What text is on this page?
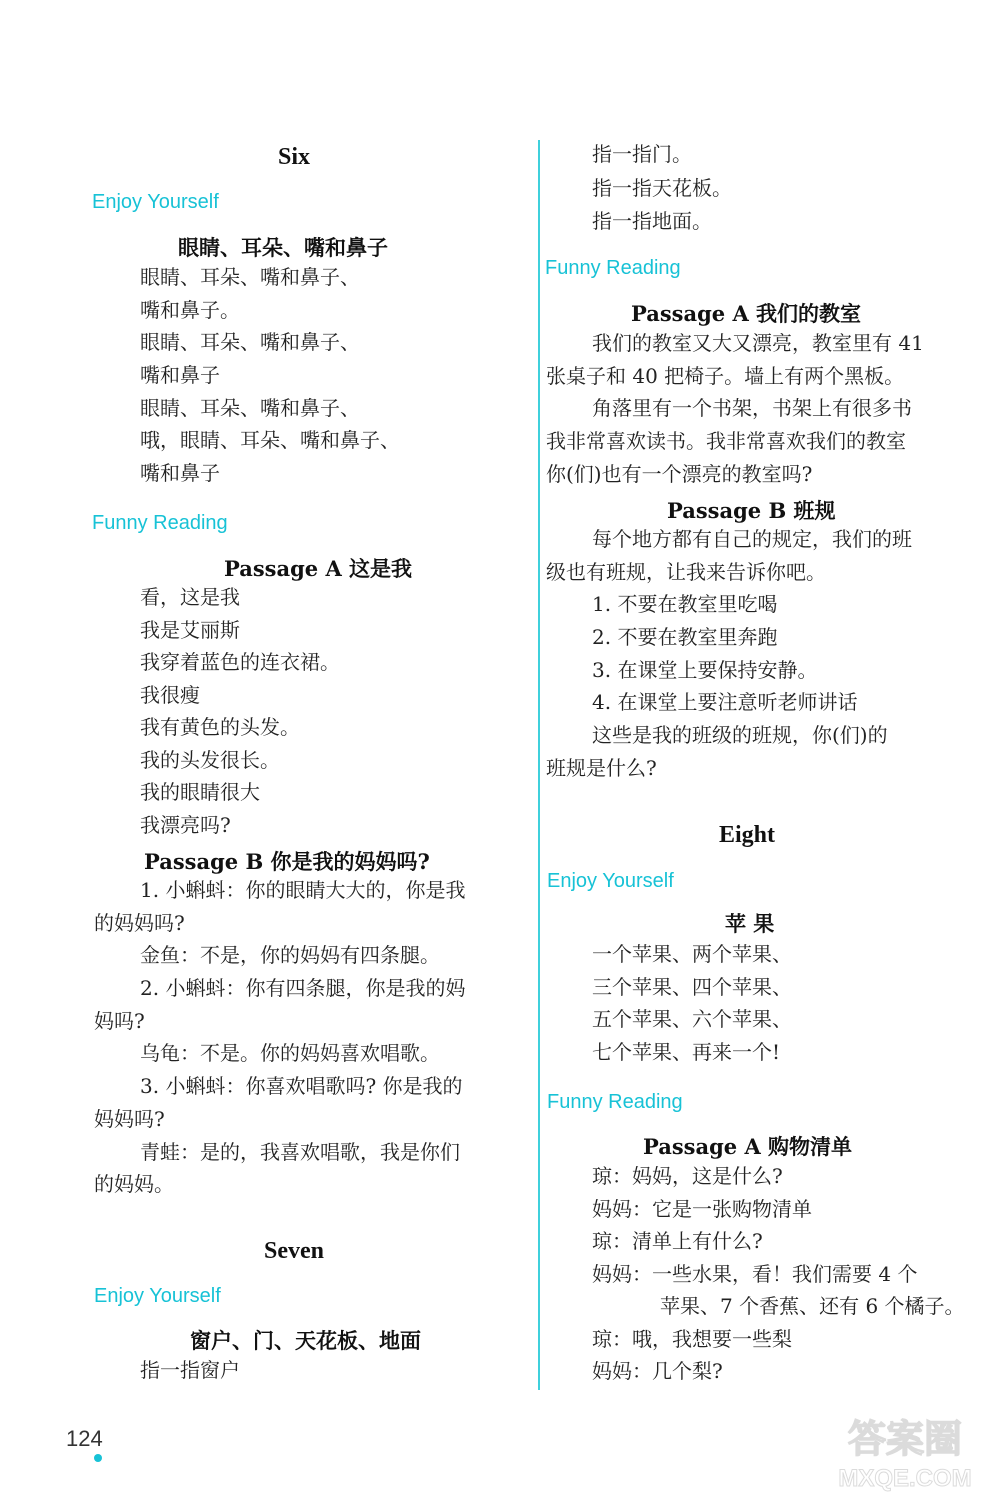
Six
Enjoy Yourself
眼睛、耳朵、嘴和鼻子
眼睛、耳朵、嘴和鼻子、
嘴和鼻子。
眼睛、耳朵、嘴和鼻子、
嘴和鼻子
眼睛、耳朵、嘴和鼻子、
哦，眼睛、耳朵、嘴和鼻子、
嘴和鼻子
Funny Reading
Passage A 这是我
看，这是我
我是艾丽斯
我穿着蓝色的连衣裙。
我很瘦
我有黄色的头发。
我的头发很长。
我的眼睛很大
我漂亮吗?
Passage B 你是我的妈妈吗?
1. 小蝌蚪：你的眼睛大大的，你是我
的妈妈吗?
金鱼：不是，你的妈妈有四条腿。
2. 小蝌蚪：你有四条腿，你是我的妈
妈吗?
乌龟：不是。你的妈妈喜欢唱歌。
3. 小蝌蚪：你喜欢唱歌吗? 你是我的
妈妈吗?
青蛙：是的，我喜欢唱歌，我是你们
的妈妈。
Seven
Enjoy Yourself
窗户、门、天花板、地面
指一指窗户
指一指门。
指一指天花板。
指一指地面。
Funny Reading
Passage A 我们的教室
我们的教室又大又漂亮，教室里有 41
张桌子和 40 把椅子。墙上有两个黑板。
角落里有一个书架，书架上有很多书
我非常喜欢读书。我非常喜欢我们的教室
你(们)也有一个漂亮的教室吗?
Passage B 班规
每个地方都有自己的规定，我们的班
级也有班规，让我来告诉你吧。
1. 不要在教室里吃喝
2. 不要在教室里奔跑
3. 在课堂上要保持安静。
4. 在课堂上要注意听老师讲话
这些是我的班级的班规，你(们)的
班规是什么?
Eight
Enjoy Yourself
苹 果
一个苹果、两个苹果、
三个苹果、四个苹果、
五个苹果、六个苹果、
七个苹果、再来一个!
Funny Reading
Passage A 购物清单
琼：妈妈，这是什么?
妈妈：它是一张购物清单
琼：清单上有什么?
妈妈：一些水果，看！我们需要 4 个
苹果、7 个香蕉、还有 6 个橘子。
琼：哦，我想要一些梨
妈妈：几个梨?
124	答案圈
MXQE.COM
